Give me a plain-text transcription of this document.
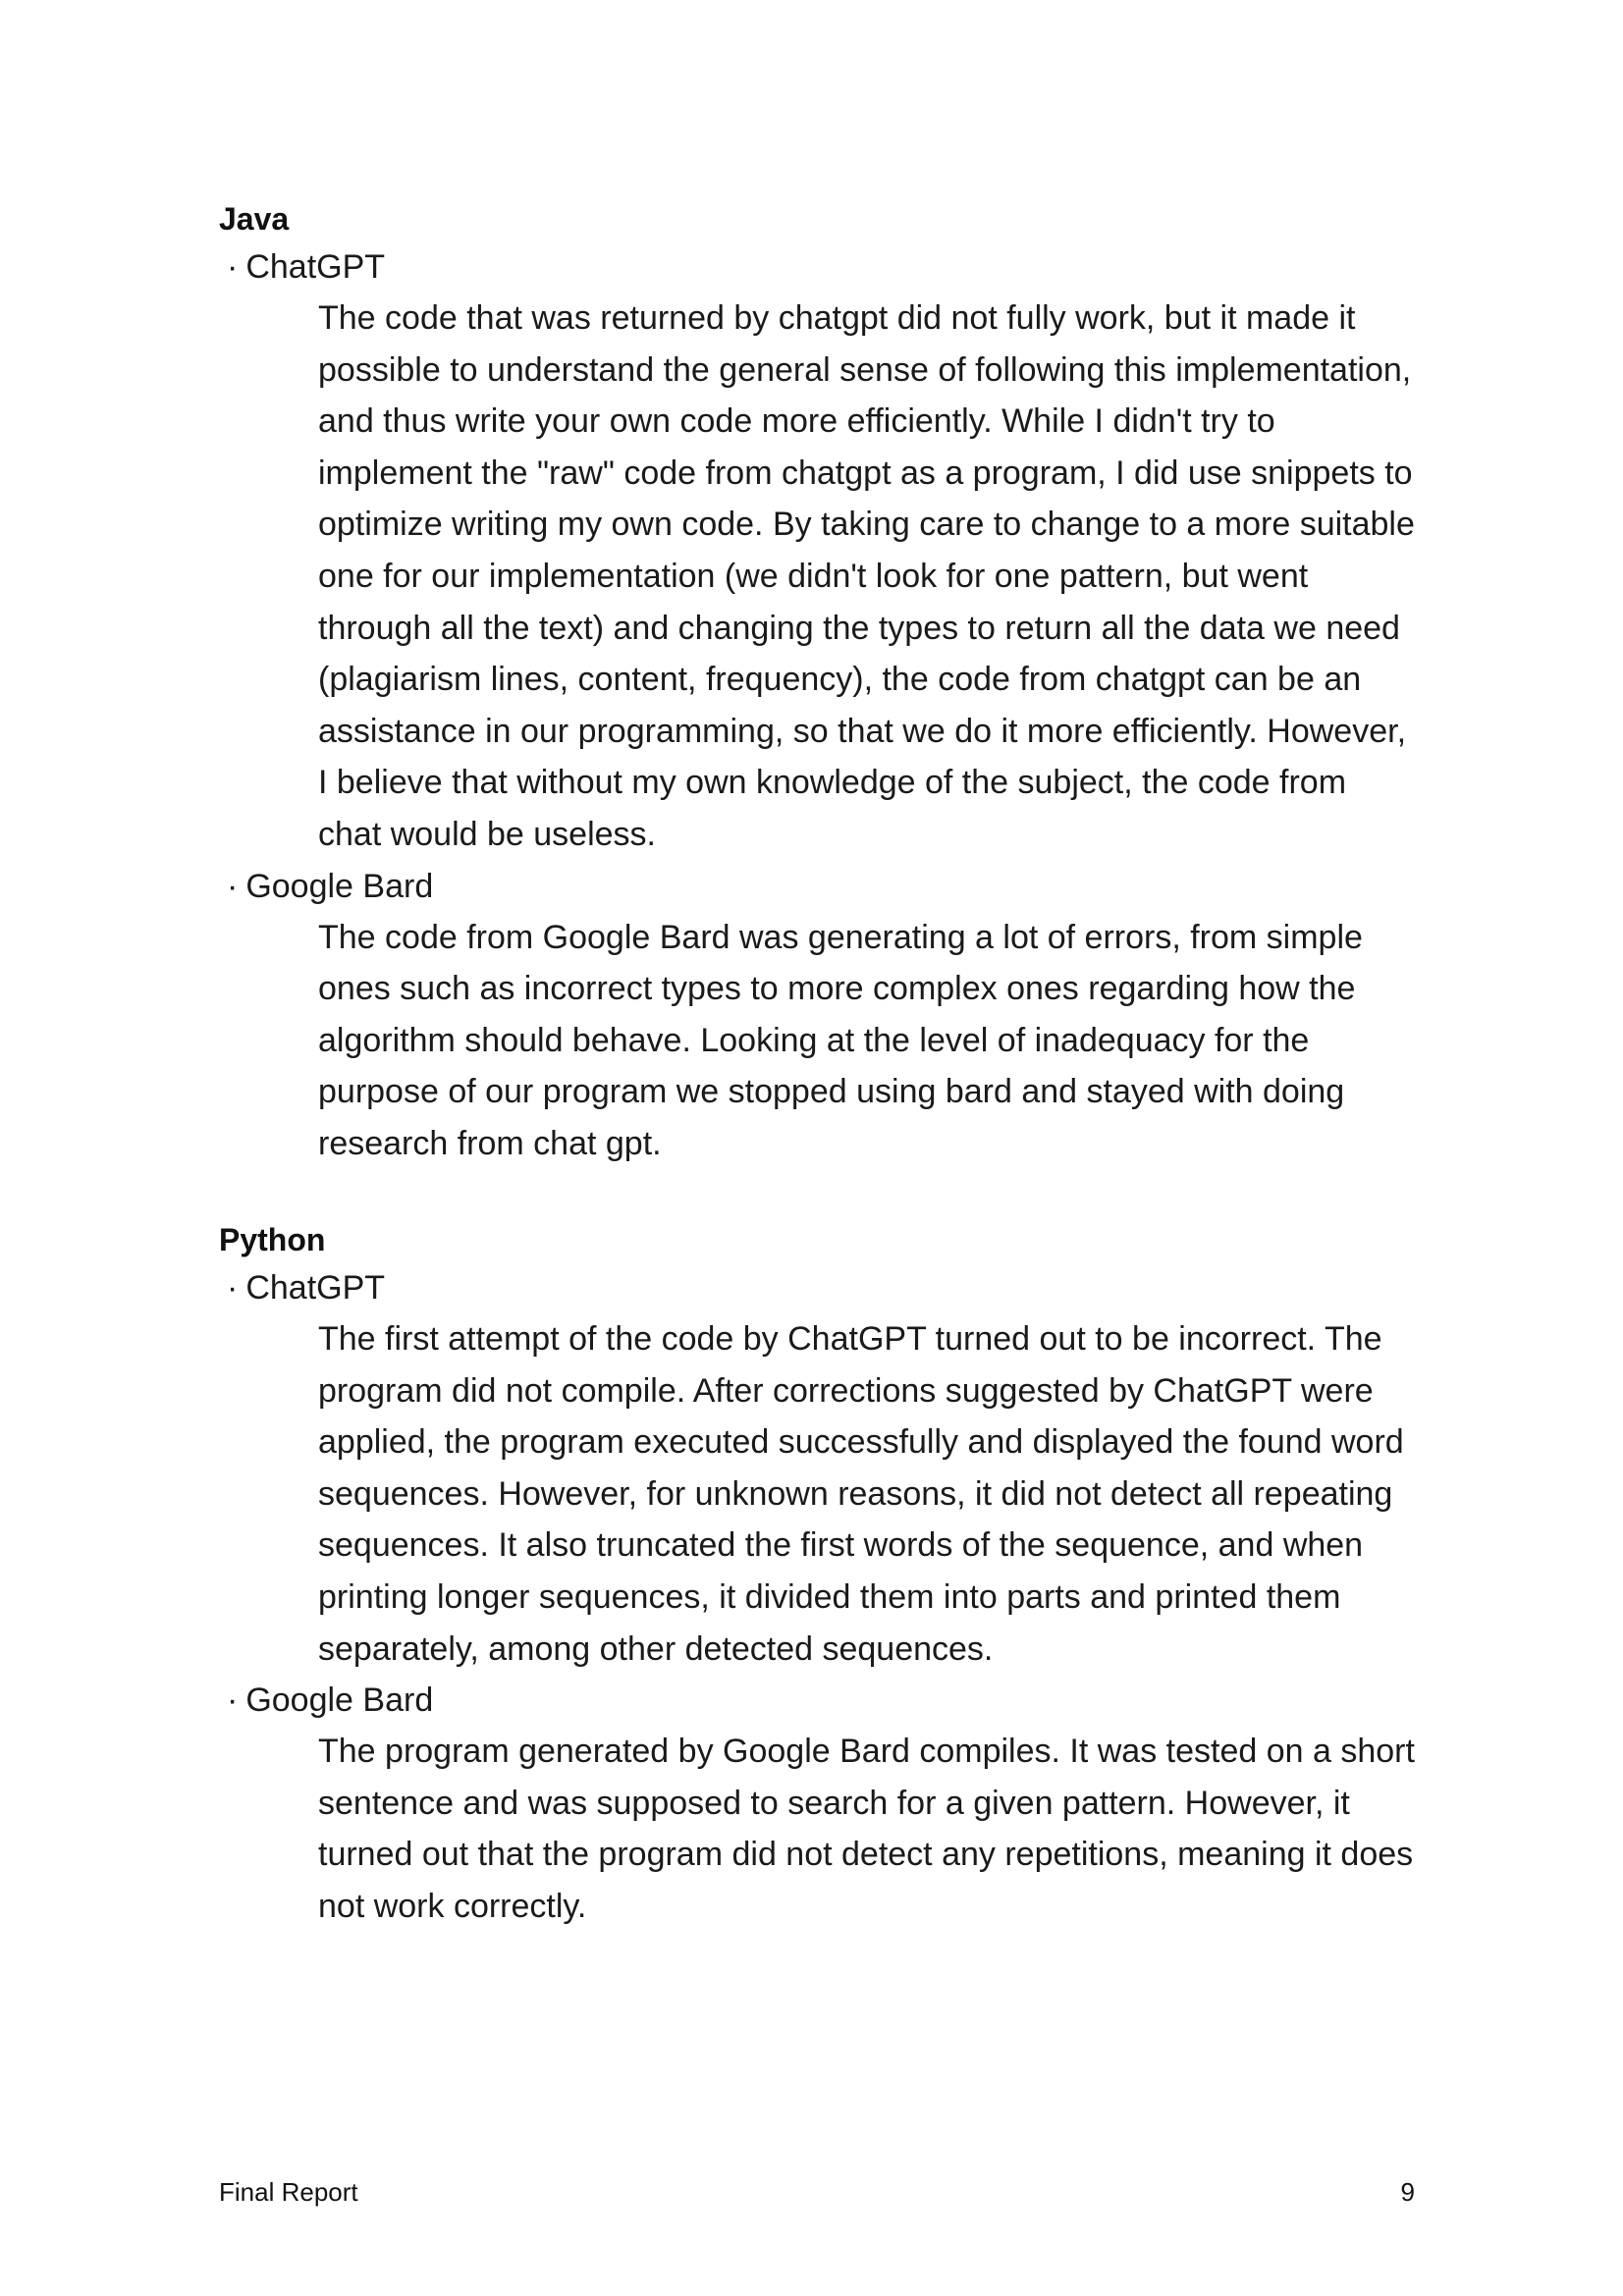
Java

· ChatGPT

The code that was returned by chatgpt did not fully work, but it made it possible to understand the general sense of following this implementation, and thus write your own code more efficiently. While I didn't try to implement the "raw" code from chatgpt as a program, I did use snippets to optimize writing my own code. By taking care to change to a more suitable one for our implementation (we didn't look for one pattern, but went through all the text) and changing the types to return all the data we need (plagiarism lines, content, frequency), the code from chatgpt can be an assistance in our programming, so that we do it more efficiently. However, I believe that without my own knowledge of the subject, the code from chat would be useless.

· Google Bard

The code from Google Bard was generating a lot of errors, from simple ones such as incorrect types to more complex ones regarding how the algorithm should behave. Looking at the level of inadequacy for the purpose of our program we stopped using bard and stayed with doing research from chat gpt.

Python

· ChatGPT

The first attempt of the code by ChatGPT turned out to be incorrect. The program did not compile. After corrections suggested by ChatGPT were applied, the program executed successfully and displayed the found word sequences. However, for unknown reasons, it did not detect all repeating sequences. It also truncated the first words of the sequence, and when printing longer sequences, it divided them into parts and printed them separately, among other detected sequences.

· Google Bard

The program generated by Google Bard compiles. It was tested on a short sentence and was supposed to search for a given pattern. However, it turned out that the program did not detect any repetitions, meaning it does not work correctly.

Final Report	9
